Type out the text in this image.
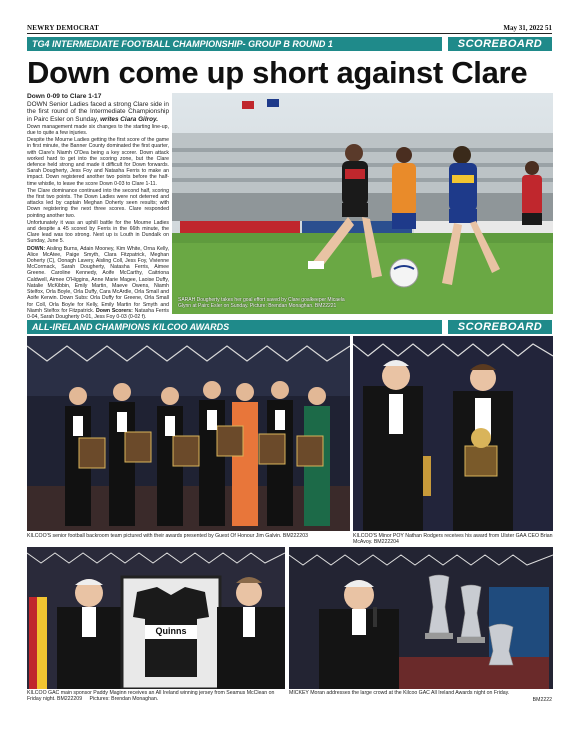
NEWRY DEMOCRAT	May 31, 2022 51
TG4 INTERMEDIATE FOOTBALL CHAMPIONSHIP- GROUP B ROUND 1	SCOREBOARD
Down come up short against Clare

Down 0-09 to Clare 1-17

DOWN Senior Ladies faced a strong Clare side in the first round of the Intermediate Championship in Pairc Esler on Sunday, writes Ciara Gilroy.

Down management made six changes to the starting line-up, due to quite a few injuries.

Despite the Mourne Ladies getting the first score of the game in first minute, the Banner County dominated the first quarter, with Clare's Niamh O'Dea being a key scorer. Down attack worked hard to get into the scoring zone, but the Clare defence held strong and made it difficult for Down forwards. Sarah Dougherty, Jess Foy and Natasha Ferris to make an impact. Down registered another two points before the half-time whistle, to leave the score Down 0-03 to Clare 1-11.

The Clare dominance continued into the second half, scoring the first two points. The Down Ladies were not deterred and attacks led by captain Meghan Doherty seen results; with Down registering the next three scores. Clare responded pointing another two.

Unfortunately it was an uphill battle for the Mourne Ladies and despite a 45 scored by Ferris in the 66th minute, the Clare lead was too strong. Next up is Louth in Dundalk on Sunday, June 5.

DOWN: Aisling Burns, Adain Mooney, Kim White, Orna Kelly, Alice McAtee, Paige Smyth, Clara Fitzpatrick, Meghan Doherty (C), Oonagh Lavery, Aisling Coll, Jess Foy, Vivienne McCormack, Sarah Dougherty, Natasha Ferris, Aimee Greene. Caroline Kennedy, Aoife McCarthy, Caitriona Caldwell, Aimee O'Higgins, Anne Marie Magee, Laoise Duffy, Natalie McKibbin, Emily Martin, Maeve Owens, Niamh Stelfox, Orla Boyle, Orla Duffy, Cara McArdle, Orla Small and Aoife Kerwin. Down Subs: Orla Duffy for Greene, Orla Small for Coll, Orla Boyle for Kelly, Emily Martin for Smyth and Niamh Stelfox for Fitzpatrick. Down Scorers: Natasha Ferris 0-04, Sarah Dougherty 0-01, Jess Foy 0-03 (0-02 f).

SARAH Dougherty takes her goal effort saved by Clare goalkeeper Micaela Glynn at Pairc Esler on Sunday. Picture: Brendan Monaghan. BM22221
ALL-IRELAND CHAMPIONS KILCOO AWARDS	SCOREBOARD
KILCOO'S senior football backroom team pictured with their awards presented by Guest Of Honour Jim Galvin. BM222203	KILCOO'S Minor POY Nathan Rodgers receives his award from Ulster GAA CEO Brian McAvoy. BM222204
Quinns
KILCOO GAC main sponsor Paddy Maginn receives an All Ireland winning jersey from Seamus McClean on Friday night. BM222209 Pictures: Brendan Monaghan.
MICKEY Moran addresses the large crowd at the Kilcoo GAC All Ireland Awards night on Friday.
BM2222
